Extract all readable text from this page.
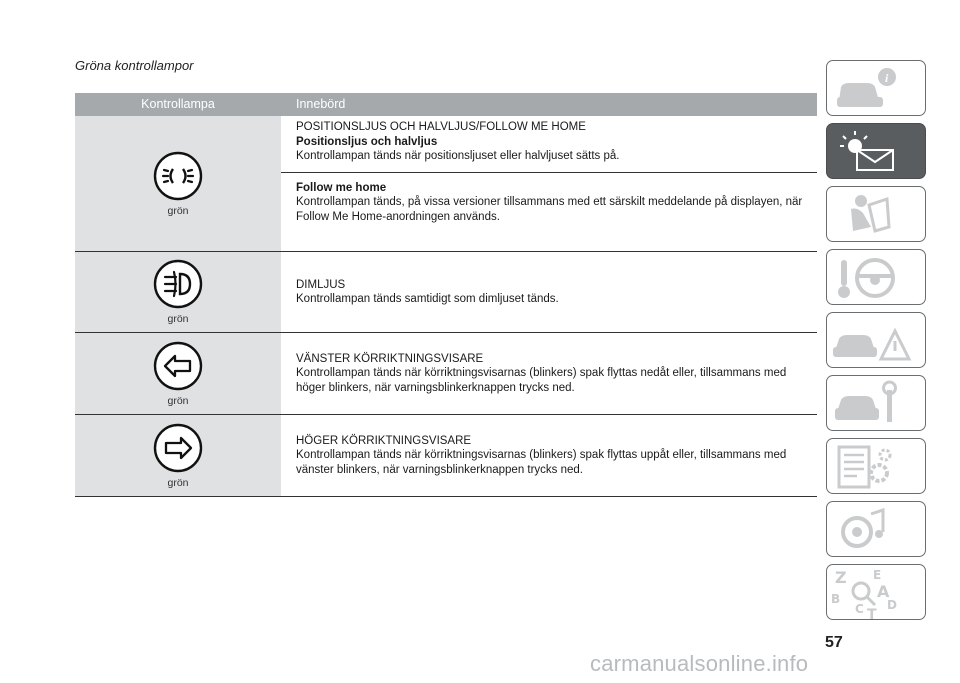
Gröna kontrollampor
Kontrollampa	Innebörd
grön
POSITIONSLJUS OCH HALVLJUS/FOLLOW ME HOME
Positionsljus och halvljus
Kontrollampan tänds när positionsljuset eller halvljuset sätts på.
Follow me home
Kontrollampan tänds, på vissa versioner tillsammans med ett särskilt meddelande på displayen, när Follow Me Home-anordningen används.
grön
DIMLJUS
Kontrollampan tänds samtidigt som dimljuset tänds.
grön
VÄNSTER KÖRRIKTNINGSVISARE
Kontrollampan tänds när körriktningsvisarnas (blinkers) spak flyttas nedåt eller, tillsammans med höger blinkers, när varningsblinkerknappen trycks ned.
grön
HÖGER KÖRRIKTNINGSVISARE
Kontrollampan tänds när körriktningsvisarnas (blinkers) spak flyttas uppåt eller, tillsammans med vänster blinkers, när varningsblinkerknappen trycks ned.
i
Z E
B A
C T
D
57
carmanualsonline.info
